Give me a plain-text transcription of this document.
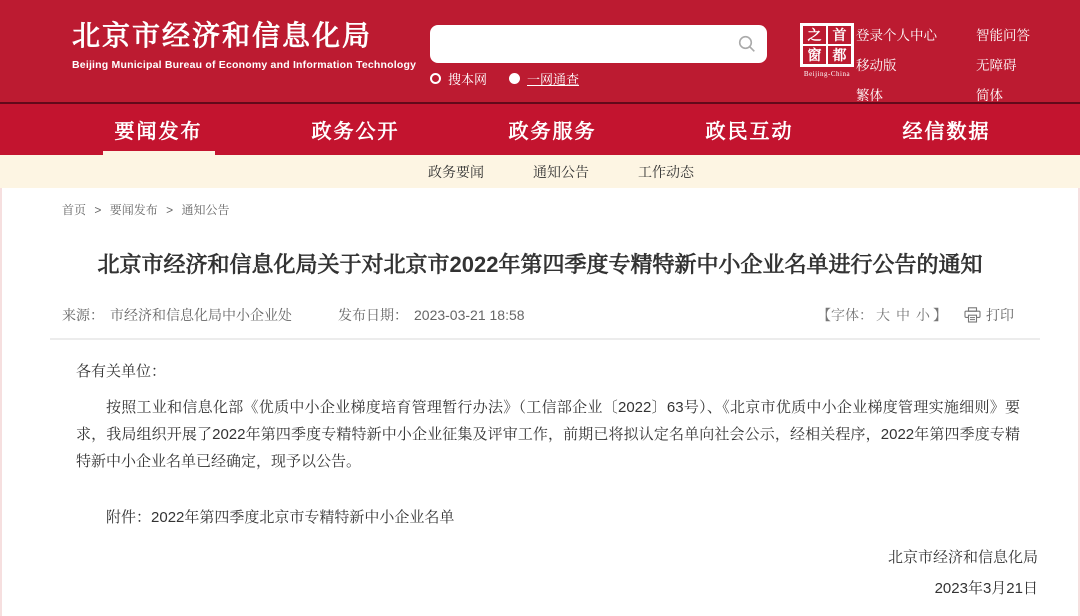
北京市经济和信息化局
Beijing Municipal Bureau of Economy and Information Technology
搜本网	一网通查
之 首
窗 都
Beijing-China
登录个人中心	智能问答
移动版	无障碍
繁体	简体
要闻发布	政务公开	政务服务	政民互动	经信数据
政务要闻	通知公告	工作动态
首页 > 要闻发布 > 通知公告
北京市经济和信息化局关于对北京市2022年第四季度专精特新中小企业名单进行公告的通知
来源： 市经济和信息化局中小企业处	发布日期： 2023-03-21 18:58	【字体： 大 中 小 】	打印

各有关单位：

按照工业和信息化部《优质中小企业梯度培育管理暂行办法》（工信部企业〔2022〕63号）、《北京市优质中小企业梯度管理实施细则》要求，我局组织开展了2022年第四季度专精特新中小企业征集及评审工作，前期已将拟认定名单向社会公示，经相关程序，2022年第四季度专精特新中小企业名单已经确定，现予以公告。

附件：2022年第四季度北京市专精特新中小企业名单

北京市经济和信息化局
2023年3月21日
